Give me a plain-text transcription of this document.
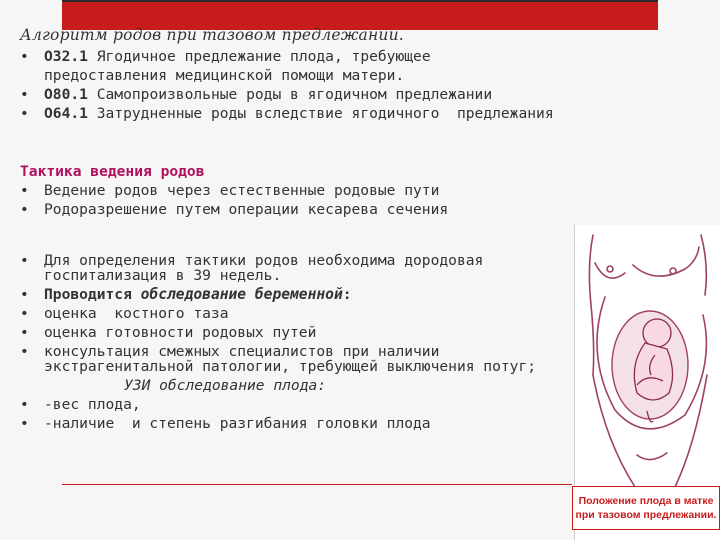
Алгоритм родов при тазовом предлежании.
•	О32.1 Ягодичное предлежание плода, требующее
предоставления медицинской помощи матери.
•	О80.1 Самопроизвольные роды в ягодичном предлежании
•	О64.1 Затрудненные роды вследствие ягодичного  предлежания
Тактика ведения родов
•	Ведение родов через естественные родовые пути
•	Родоразрешение путем операции кесарева сечения
•	Для определения тактики родов необходима дородовая
госпитализация в 39 недель.
•	Проводится обследование беременной:
•	оценка  костного таза
•	оценка готовности родовых путей
•	консультация смежных специалистов при наличии
экстрагенитальной патологии, требующей выключения потуг;
УЗИ обследование плода:
•	-вес плода,
•	-наличие  и степень разгибания головки плода
Положение плода в матке
при тазовом предлежании.
